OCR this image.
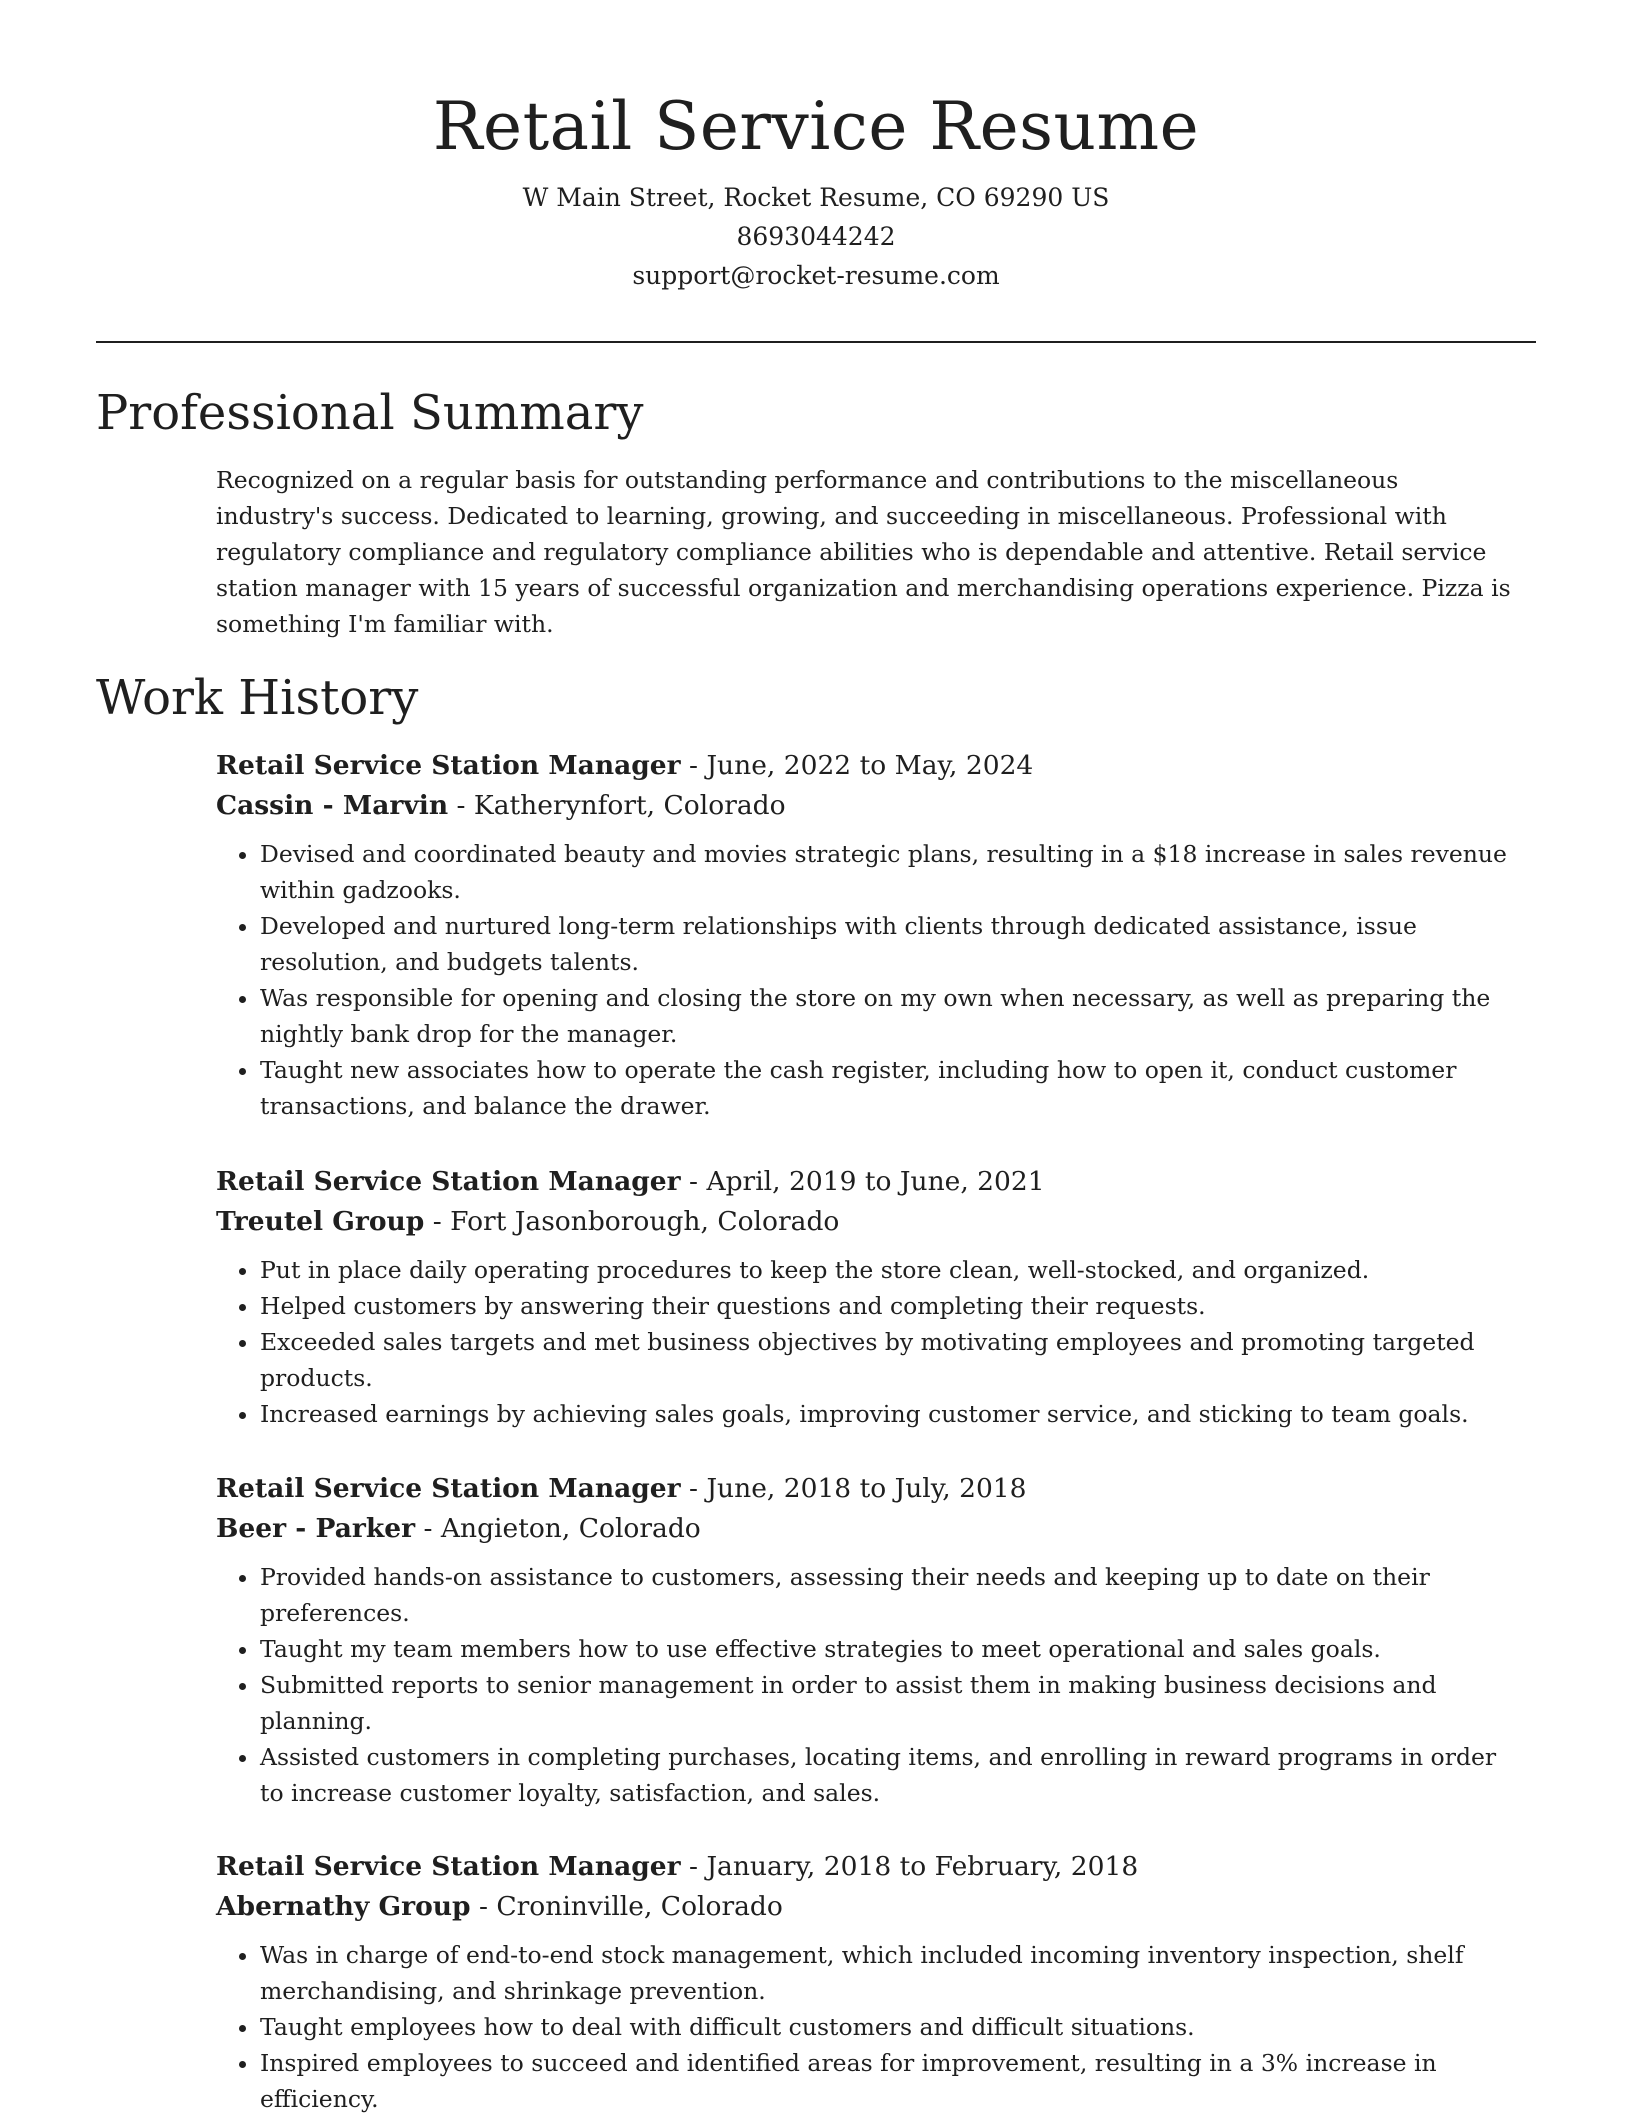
Retail Service Resume
W Main Street, Rocket Resume, CO 69290 US
8693044242
support@rocket-resume.com
Professional Summary

Recognized on a regular basis for outstanding performance and contributions to the miscellaneous industry's success. Dedicated to learning, growing, and succeeding in miscellaneous. Professional with regulatory compliance and regulatory compliance abilities who is dependable and attentive. Retail service station manager with 15 years of successful organization and merchandising operations experience. Pizza is something I'm familiar with.

Work History
Retail Service Station Manager - June, 2022 to May, 2024
Cassin - Marvin - Katherynfort, Colorado
• Devised and coordinated beauty and movies strategic plans, resulting in a $18 increase in sales revenue within gadzooks.
• Developed and nurtured long-term relationships with clients through dedicated assistance, issue resolution, and budgets talents.
• Was responsible for opening and closing the store on my own when necessary, as well as preparing the nightly bank drop for the manager.
• Taught new associates how to operate the cash register, including how to open it, conduct customer transactions, and balance the drawer.
Retail Service Station Manager - April, 2019 to June, 2021
Treutel Group - Fort Jasonborough, Colorado
• Put in place daily operating procedures to keep the store clean, well-stocked, and organized.
• Helped customers by answering their questions and completing their requests.
• Exceeded sales targets and met business objectives by motivating employees and promoting targeted products.
• Increased earnings by achieving sales goals, improving customer service, and sticking to team goals.
Retail Service Station Manager - June, 2018 to July, 2018
Beer - Parker - Angieton, Colorado
• Provided hands-on assistance to customers, assessing their needs and keeping up to date on their preferences.
• Taught my team members how to use effective strategies to meet operational and sales goals.
• Submitted reports to senior management in order to assist them in making business decisions and planning.
• Assisted customers in completing purchases, locating items, and enrolling in reward programs in order to increase customer loyalty, satisfaction, and sales.
Retail Service Station Manager - January, 2018 to February, 2018
Abernathy Group - Croninville, Colorado
• Was in charge of end-to-end stock management, which included incoming inventory inspection, shelf merchandising, and shrinkage prevention.
• Taught employees how to deal with difficult customers and difficult situations.
• Inspired employees to succeed and identified areas for improvement, resulting in a 3% increase in efficiency.
